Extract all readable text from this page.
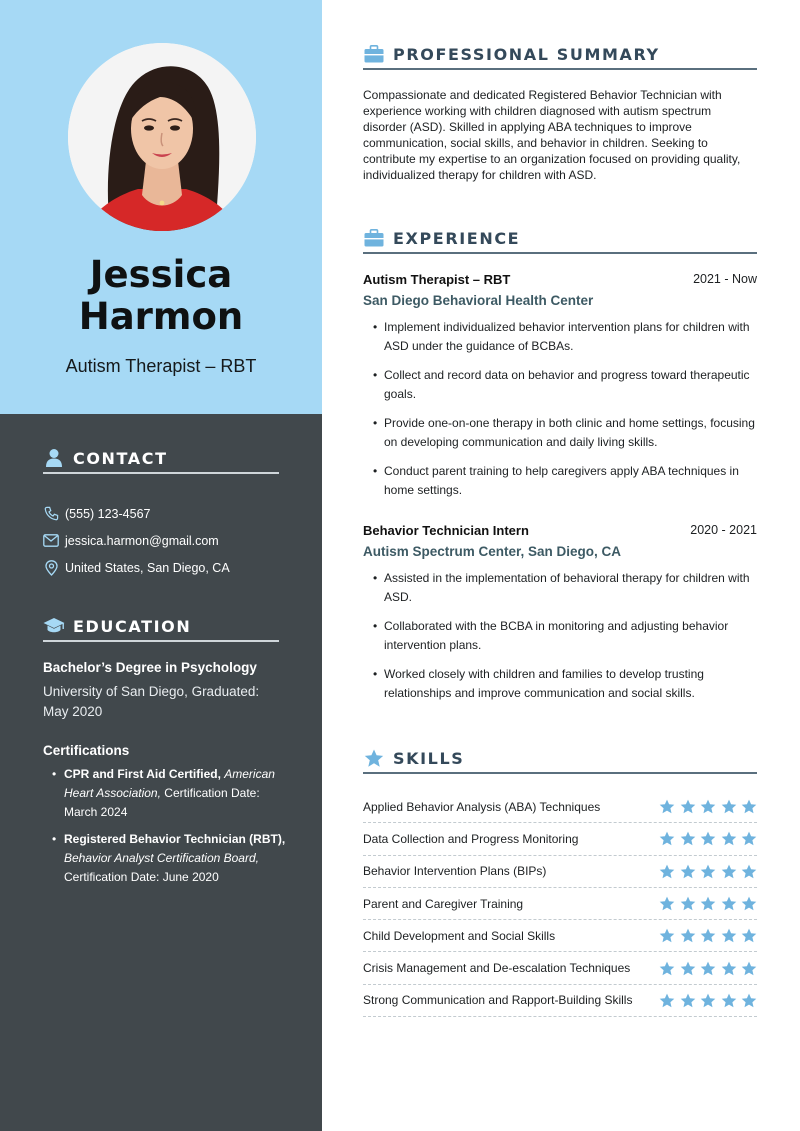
Jessica
Harmon
Autism Therapist – RBT
CONTACT
(555) 123-4567
jessica.harmon@gmail.com
United States, San Diego, CA
EDUCATION
Bachelor’s Degree in Psychology
University of San Diego, Graduated: May 2020
Certifications
• CPR and First Aid Certified, American Heart Association, Certification Date: March 2024
• Registered Behavior Technician (RBT), Behavior Analyst Certification Board, Certification Date: June 2020
PROFESSIONAL SUMMARY
Compassionate and dedicated Registered Behavior Technician with experience working with children diagnosed with autism spectrum disorder (ASD). Skilled in applying ABA techniques to improve communication, social skills, and behavior in children. Seeking to contribute my expertise to an organization focused on providing quality, individualized therapy for children with ASD.
EXPERIENCE
Autism Therapist – RBT	2021 - Now
San Diego Behavioral Health Center
• Implement individualized behavior intervention plans for children with ASD under the guidance of BCBAs.
• Collect and record data on behavior and progress toward therapeutic goals.
• Provide one-on-one therapy in both clinic and home settings, focusing on developing communication and daily living skills.
• Conduct parent training to help caregivers apply ABA techniques in home settings.
Behavior Technician Intern	2020 - 2021
Autism Spectrum Center, San Diego, CA
• Assisted in the implementation of behavioral therapy for children with ASD.
• Collaborated with the BCBA in monitoring and adjusting behavior intervention plans.
• Worked closely with children and families to develop trusting relationships and improve communication and social skills.
SKILLS
Applied Behavior Analysis (ABA) Techniques
Data Collection and Progress Monitoring
Behavior Intervention Plans (BIPs)
Parent and Caregiver Training
Child Development and Social Skills
Crisis Management and De-escalation Techniques
Strong Communication and Rapport-Building Skills
